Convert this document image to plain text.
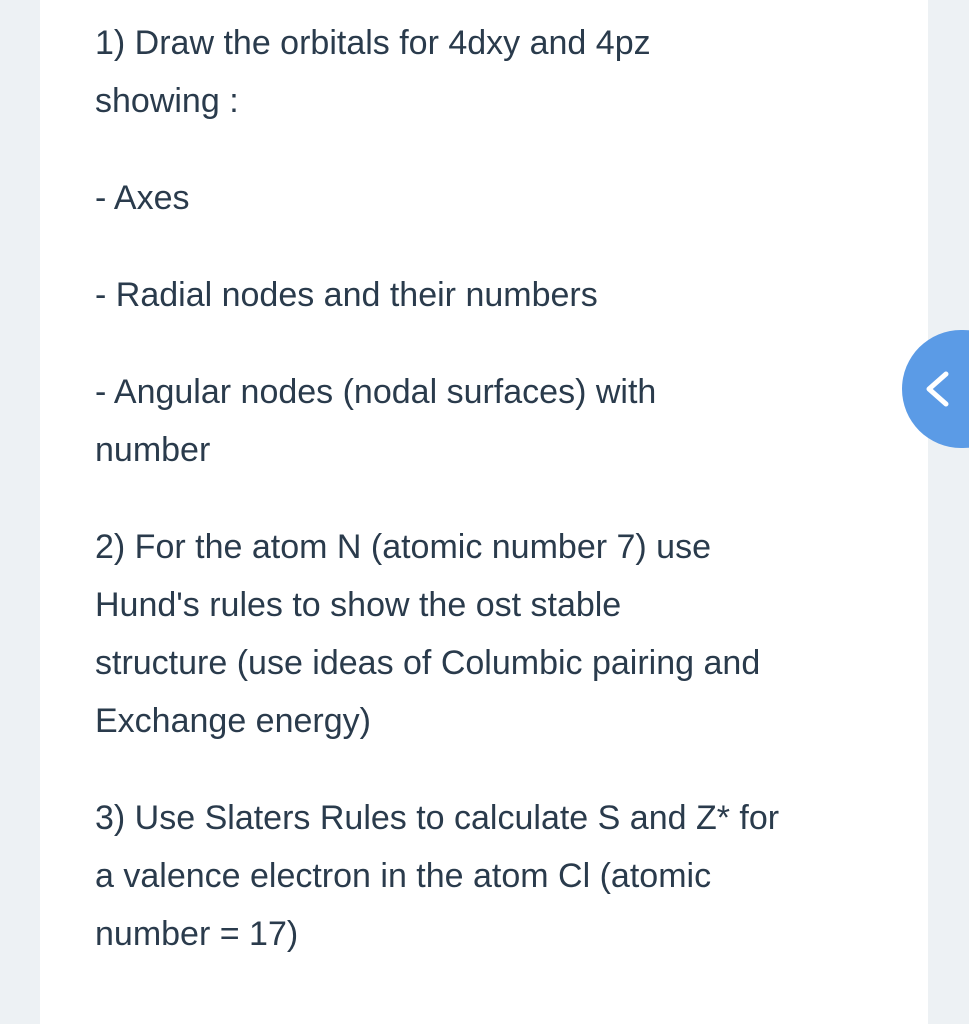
1) Draw the orbitals for 4dxy and 4pz
showing :

- Axes

- Radial nodes and their numbers

- Angular nodes (nodal surfaces) with
number

2) For the atom N (atomic number 7) use
Hund's rules to show the ost stable
structure (use ideas of Columbic pairing and
Exchange energy)

3) Use Slaters Rules to calculate S and Z* for
a valence electron in the atom Cl (atomic
number = 17)
